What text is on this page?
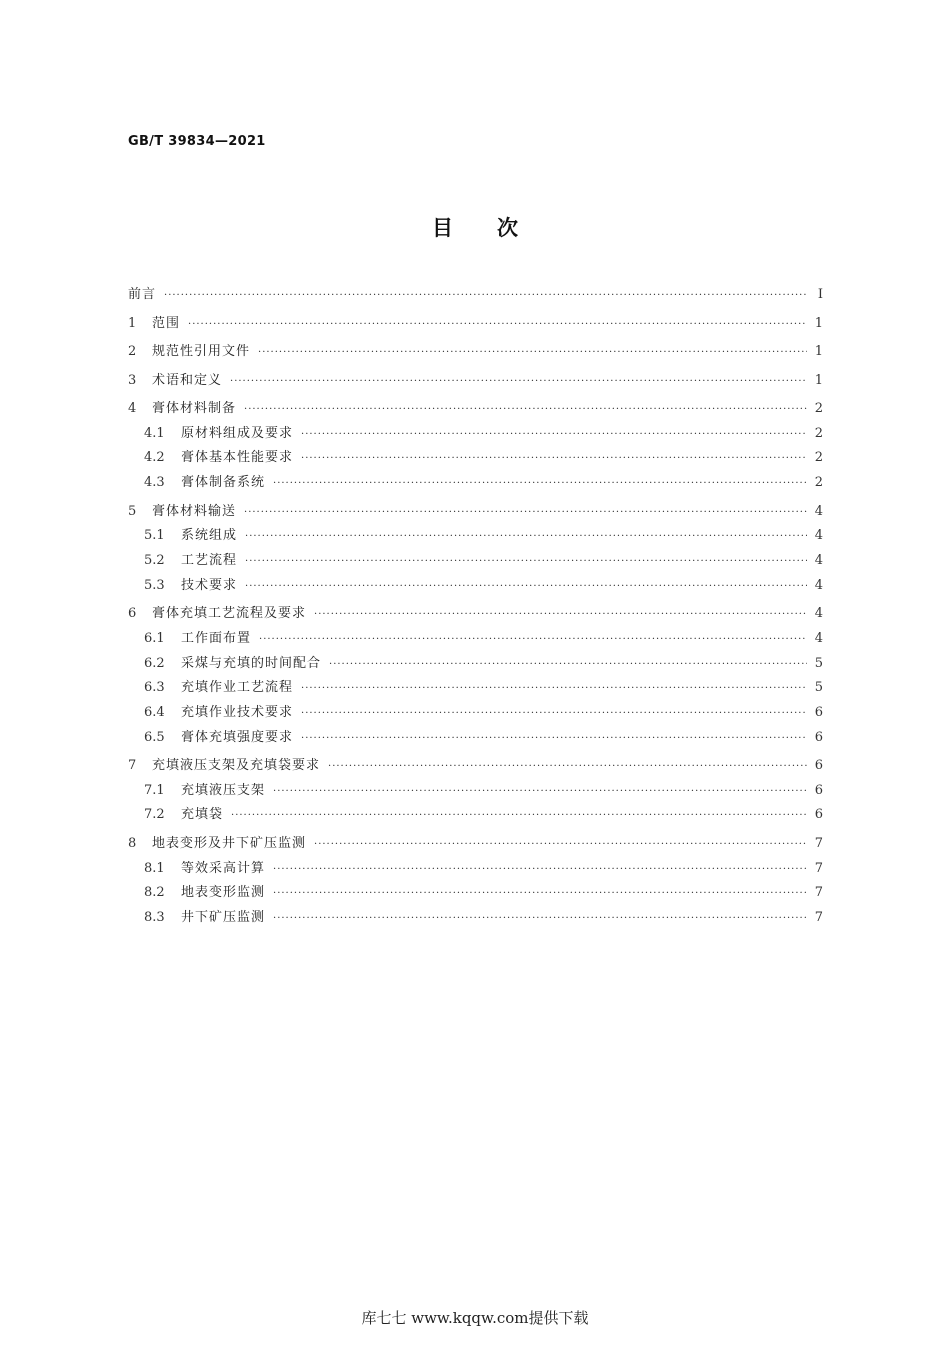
GB/T 39834—2021
目次
前言 ·····	Ⅰ
1	范围 ·····	1
2	规范性引用文件 ·····	1
3	术语和定义 ·····	1
4	膏体材料制备 ·····	2
4.1	原材料组成及要求 ·····	2
4.2	膏体基本性能要求 ·····	2
4.3	膏体制备系统 ·····	2
5	膏体材料输送 ·····	4
5.1	系统组成 ·····	4
5.2	工艺流程 ·····	4
5.3	技术要求 ·····	4
6	膏体充填工艺流程及要求 ·····	4
6.1	工作面布置 ·····	4
6.2	采煤与充填的时间配合 ·····	5
6.3	充填作业工艺流程 ·····	5
6.4	充填作业技术要求 ·····	6
6.5	膏体充填强度要求 ·····	6
7	充填液压支架及充填袋要求 ·····	6
7.1	充填液压支架 ·····	6
7.2	充填袋 ·····	6
8	地表变形及井下矿压监测 ·····	7
8.1	等效采高计算 ·····	7
8.2	地表变形监测 ·····	7
8.3	井下矿压监测 ·····	7
库七七 www.kqqw.com提供下载
